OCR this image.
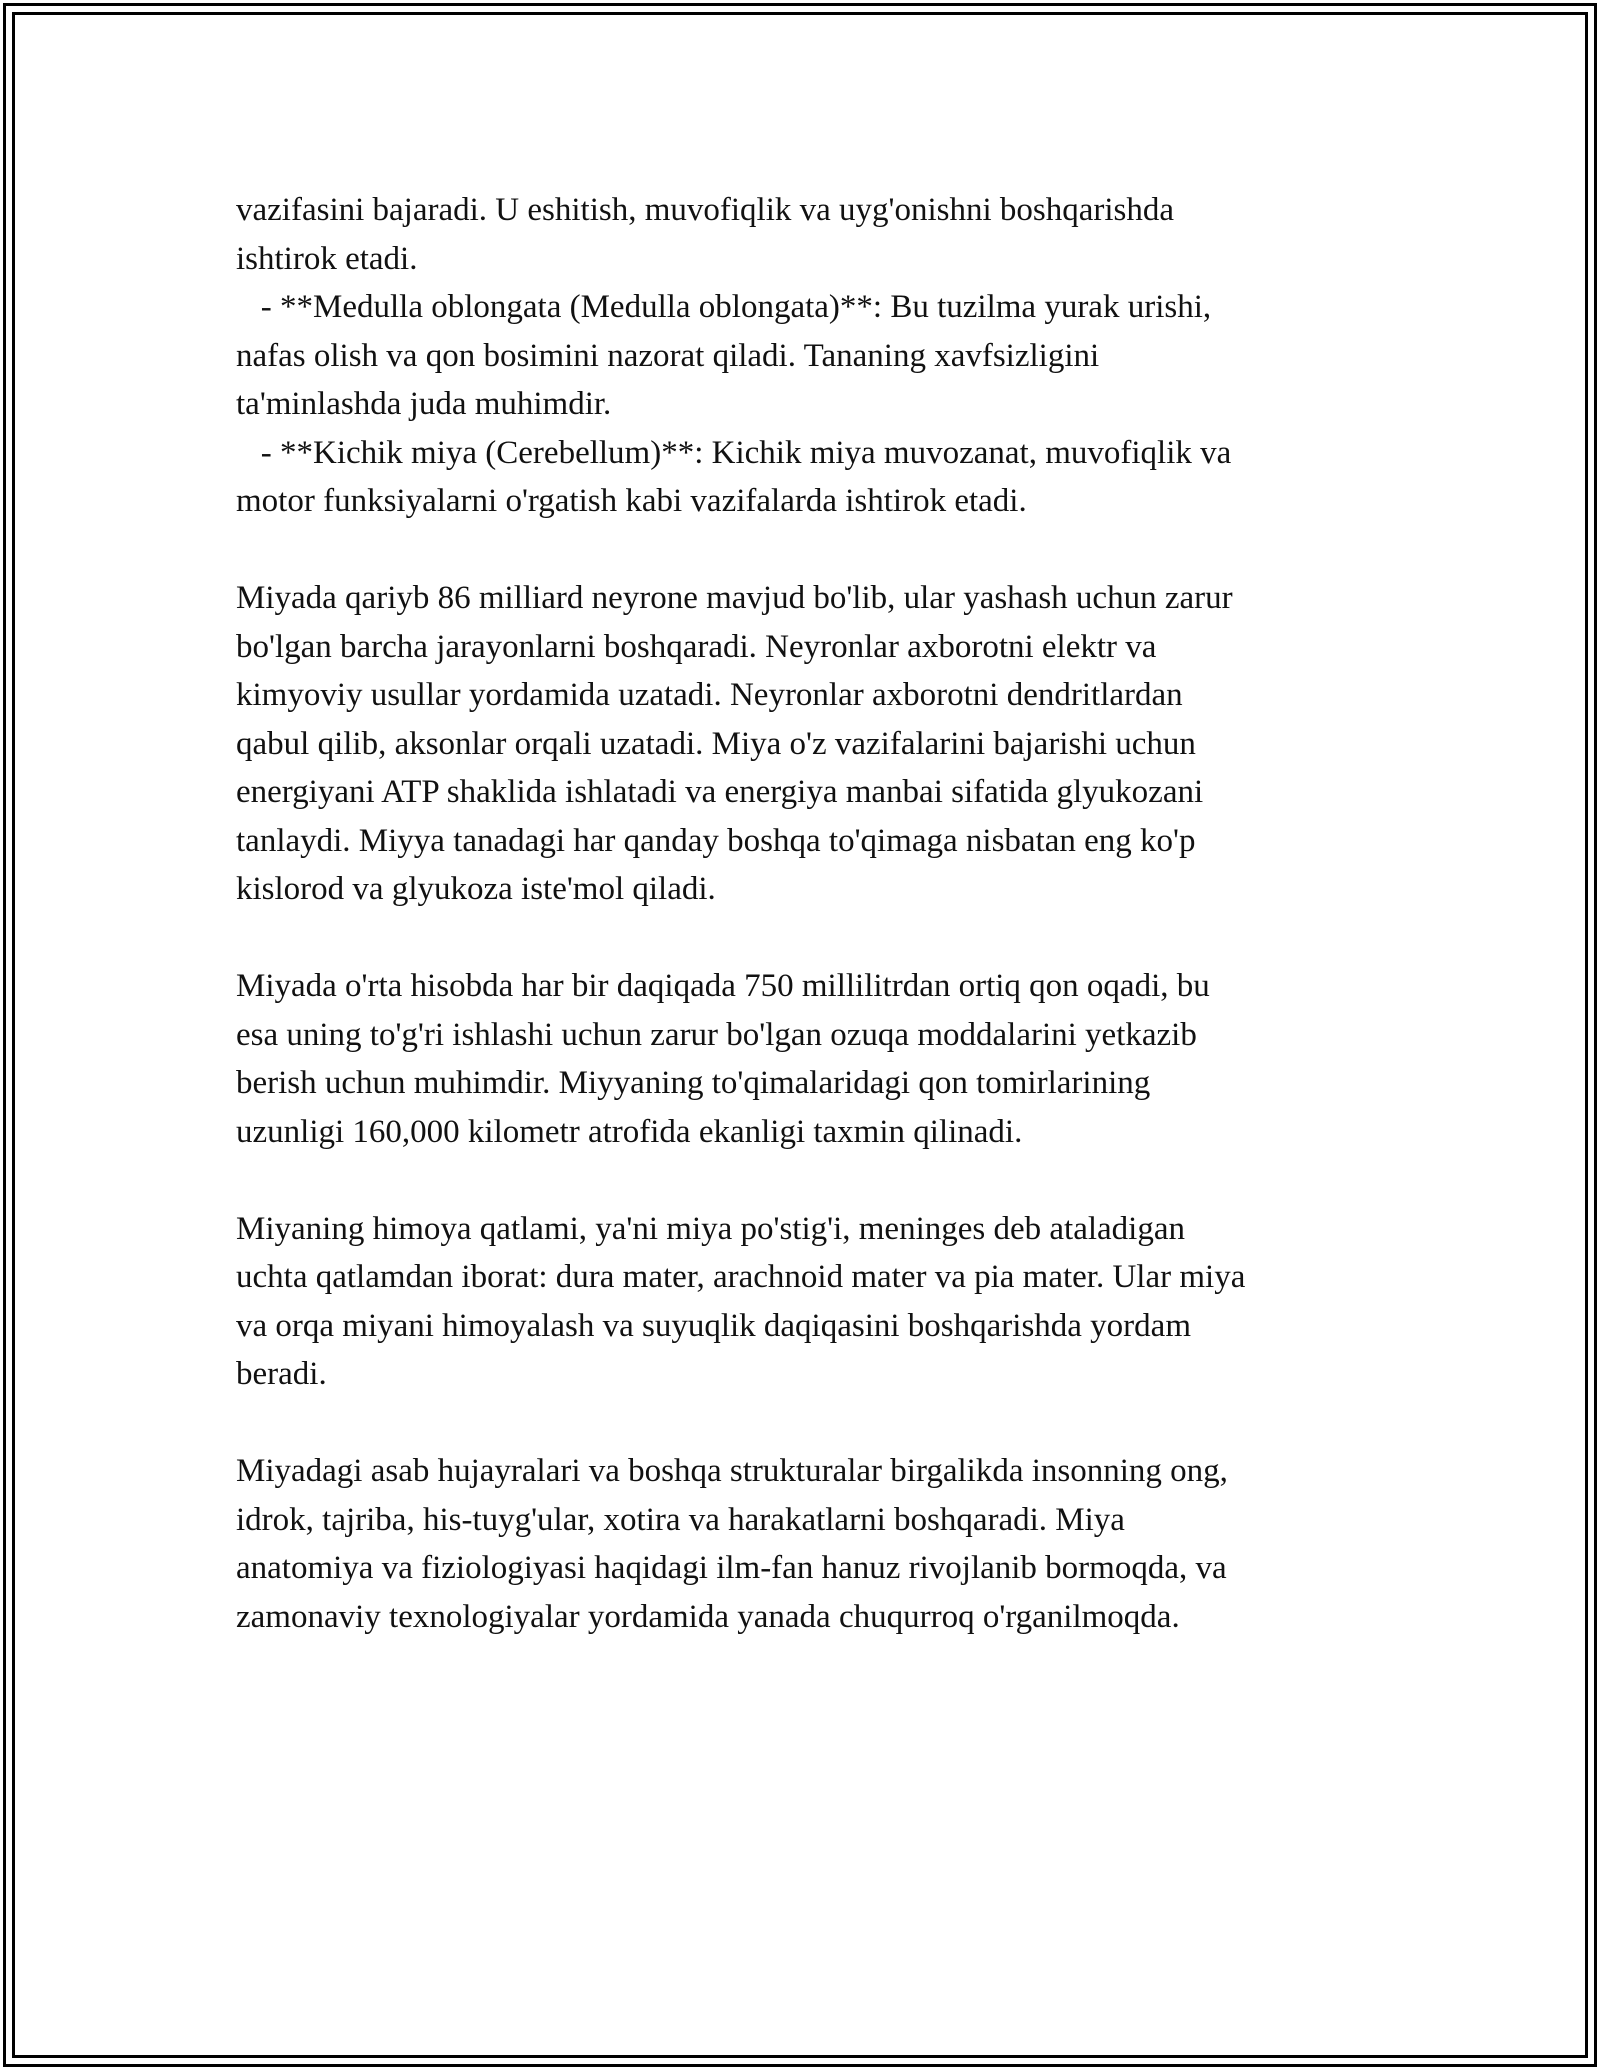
vazifasini bajaradi. U eshitish, muvofiqlik va uyg'onishni boshqarishda
ishtirok etadi.
- **Medulla oblongata (Medulla oblongata)**: Bu tuzilma yurak urishi,
nafas olish va qon bosimini nazorat qiladi. Tananing xavfsizligini
ta'minlashda juda muhimdir.
- **Kichik miya (Cerebellum)**: Kichik miya muvozanat, muvofiqlik va
motor funksiyalarni o'rgatish kabi vazifalarda ishtirok etadi.
Miyada qariyb 86 milliard neyrone mavjud bo'lib, ular yashash uchun zarur
bo'lgan barcha jarayonlarni boshqaradi. Neyronlar axborotni elektr va
kimyoviy usullar yordamida uzatadi. Neyronlar axborotni dendritlardan
qabul qilib, aksonlar orqali uzatadi. Miya o'z vazifalarini bajarishi uchun
energiyani ATP shaklida ishlatadi va energiya manbai sifatida glyukozani
tanlaydi. Miyya tanadagi har qanday boshqa to'qimaga nisbatan eng ko'p
kislorod va glyukoza iste'mol qiladi.
Miyada o'rta hisobda har bir daqiqada 750 millilitrdan ortiq qon oqadi, bu
esa uning to'g'ri ishlashi uchun zarur bo'lgan ozuqa moddalarini yetkazib
berish uchun muhimdir. Miyyaning to'qimalaridagi qon tomirlarining
uzunligi 160,000 kilometr atrofida ekanligi taxmin qilinadi.
Miyaning himoya qatlami, ya'ni miya po'stig'i, meninges deb ataladigan
uchta qatlamdan iborat: dura mater, arachnoid mater va pia mater. Ular miya
va orqa miyani himoyalash va suyuqlik daqiqasini boshqarishda yordam
beradi.
Miyadagi asab hujayralari va boshqa strukturalar birgalikda insonning ong,
idrok, tajriba, his-tuyg'ular, xotira va harakatlarni boshqaradi. Miya
anatomiya va fiziologiyasi haqidagi ilm-fan hanuz rivojlanib bormoqda, va
zamonaviy texnologiyalar yordamida yanada chuqurroq o'rganilmoqda.
